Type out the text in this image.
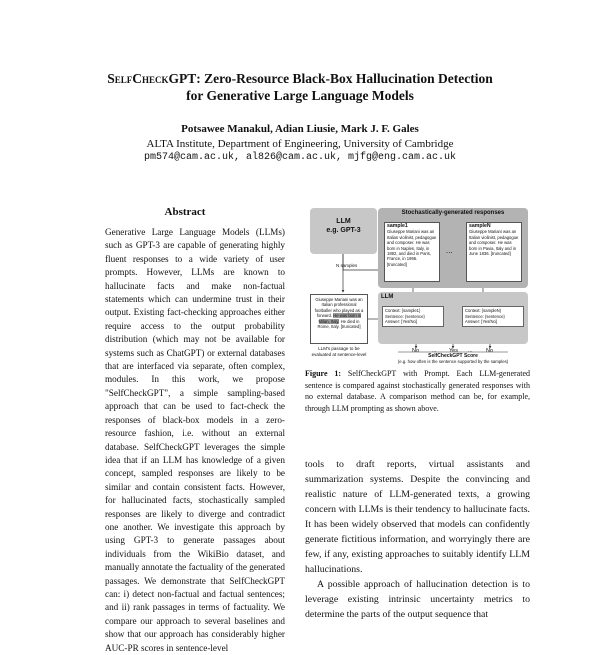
SelfCheckGPT: Zero-Resource Black-Box Hallucination Detection
for Generative Large Language Models
Potsawee Manakul, Adian Liusie, Mark J. F. Gales
ALTA Institute, Department of Engineering, University of Cambridge
pm574@cam.ac.uk, al826@cam.ac.uk, mjfg@eng.cam.ac.uk
Abstract
Generative Large Language Models (LLMs) such as GPT-3 are capable of generating highly fluent responses to a wide variety of user prompts. However, LLMs are known to hallucinate facts and make non-factual statements which can undermine trust in their output. Existing fact-checking approaches either require access to the output probability distribution (which may not be available for systems such as ChatGPT) or external databases that are interfaced via separate, often complex, modules. In this work, we propose "SelfCheckGPT", a simple sampling-based approach that can be used to fact-check the responses of black-box models in a zero-resource fashion, i.e. without an external database. SelfCheckGPT leverages the simple idea that if an LLM has knowledge of a given concept, sampled responses are likely to be similar and contain consistent facts. However, for hallucinated facts, stochastically sampled responses are likely to diverge and contradict one another. We investigate this approach by using GPT-3 to generate passages about individuals from the WikiBio dataset, and manually annotate the factuality of the generated passages. We demonstrate that SelfCheckGPT can: i) detect non-factual and factual sentences; and ii) rank passages in terms of factuality. We compare our approach to several baselines and show that our approach has considerably higher AUC-PR scores in sentence-level
LLM
e.g. GPT-3
N samples
Stochastically-generated responses
sample1
Giuseppe Mariani was an Italian violinist, pedagogue and composer. He was born in Naples, Italy, in 1892, and died in Paris, France, in 1966. [truncated]
...
sampleN
Giuseppe Mariani was an Italian violinist, pedagogue and composer. He was born in Pavia, Italy and in June 1836. [truncated]
Giuseppe Mariani was an Italian professional footballer who played as a forward. He was born in Milan, Italy. He died in Rome, Italy. [truncated]
LLM's passage to be evaluated at sentence-level
LLM
Context: {sample1}
Sentence: {sentence}
Answer: [Yes/No]
Context: {sampleN}
Sentence: {sentence}
Answer: [Yes/No]
No ... Yes ... No
SelfCheckGPT Score
(e.g. how often is the sentence supported by the samples)
Figure 1: SelfCheckGPT with Prompt. Each LLM-generated sentence is compared against stochastically generated responses with no external database. A comparison method can be, for example, through LLM prompting as shown above.

tools to draft reports, virtual assistants and summarization systems. Despite the convincing and realistic nature of LLM-generated texts, a growing concern with LLMs is their tendency to hallucinate facts. It has been widely observed that models can confidently generate fictitious information, and worryingly there are few, if any, existing approaches to suitably identify LLM hallucinations.

A possible approach of hallucination detection is to leverage existing intrinsic uncertainty metrics to determine the parts of the output sequence that
